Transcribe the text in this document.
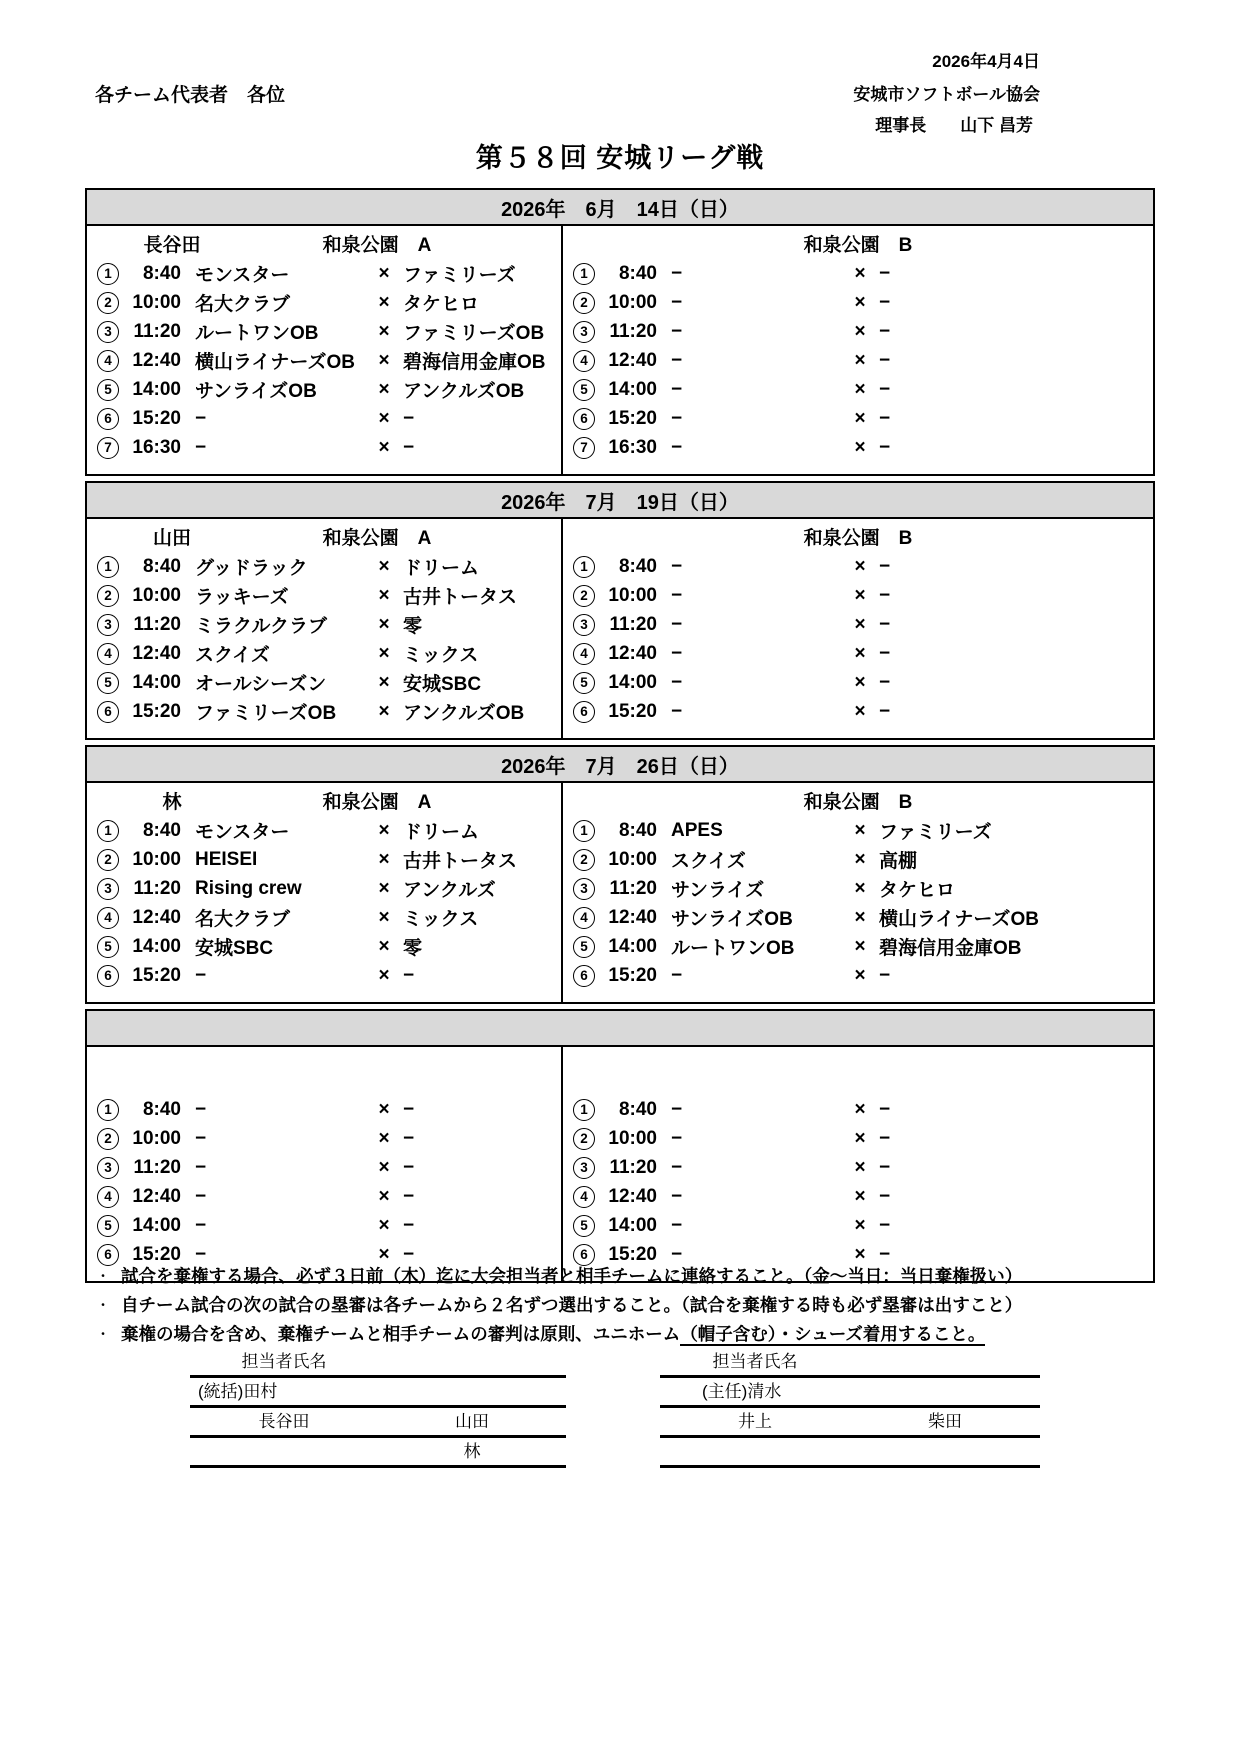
2026年4月4日
各チーム代表者　各位	安城市ソフトボール協会
理事長 山下 昌芳
第５８回 安城リーグ戦
2026年　6月　14日（日）
長谷田	和泉公園　A
1	8:40 モンスター	× ファミリーズ
2	10:00 名大クラブ	× タケヒロ
3	11:20 ルートワンOB	× ファミリーズOB
4	12:40 横山ライナーズOB	× 碧海信用金庫OB
5	14:00 サンライズOB	× アンクルズOB
6	15:20 −	× −
7	16:30 −	× −
和泉公園　B
1	8:40 −	× −
2	10:00 −	× −
3	11:20 −	× −
4	12:40 −	× −
5	14:00 −	× −
6	15:20 −	× −
7	16:30 −	× −
2026年　7月　19日（日）
山田	和泉公園　A
1	8:40 グッドラック	× ドリーム
2	10:00 ラッキーズ	× 古井トータス
3	11:20 ミラクルクラブ	× 零
4	12:40 スクイズ	× ミックス
5	14:00 オールシーズン	× 安城SBC
6	15:20 ファミリーズOB	× アンクルズOB
和泉公園　B
1	8:40 −	× −
2	10:00 −	× −
3	11:20 −	× −
4	12:40 −	× −
5	14:00 −	× −
6	15:20 −	× −
2026年　7月　26日（日）
林	和泉公園　A
1	8:40 モンスター	× ドリーム
2	10:00 HEISEI	× 古井トータス
3	11:20 Rising crew	× アンクルズ
4	12:40 名大クラブ	× ミックス
5	14:00 安城SBC	× 零
6	15:20 −	× −
和泉公園　B
1	8:40 APES	× ファミリーズ
2	10:00 スクイズ	× 高棚
3	11:20 サンライズ	× タケヒロ
4	12:40 サンライズOB	× 横山ライナーズOB
5	14:00 ルートワンOB	× 碧海信用金庫OB
6	15:20 −	× −
1	8:40 −	× −
2	10:00 −	× −
3	11:20 −	× −
4	12:40 −	× −
5	14:00 −	× −
6	15:20 −	× −
1	8:40 −	× −
2	10:00 −	× −
3	11:20 −	× −
4	12:40 −	× −
5	14:00 −	× −
6	15:20 −	× −
・ 試合を棄権する場合、必ず３日前（木）迄に大会担当者と相手チームに連絡すること。（金～当日：当日棄権扱い）
・ 自チーム試合の次の試合の塁審は各チームから２名ずつ選出すること。（試合を棄権する時も必ず塁審は出すこと）
・ 棄権の場合を含め、棄権チームと相手チームの審判は原則、ユニホーム（帽子含む）・シューズ着用すること。
担当者氏名
(統括)田村
長谷田	山田
林
担当者氏名
(主任)清水
井上	柴田
